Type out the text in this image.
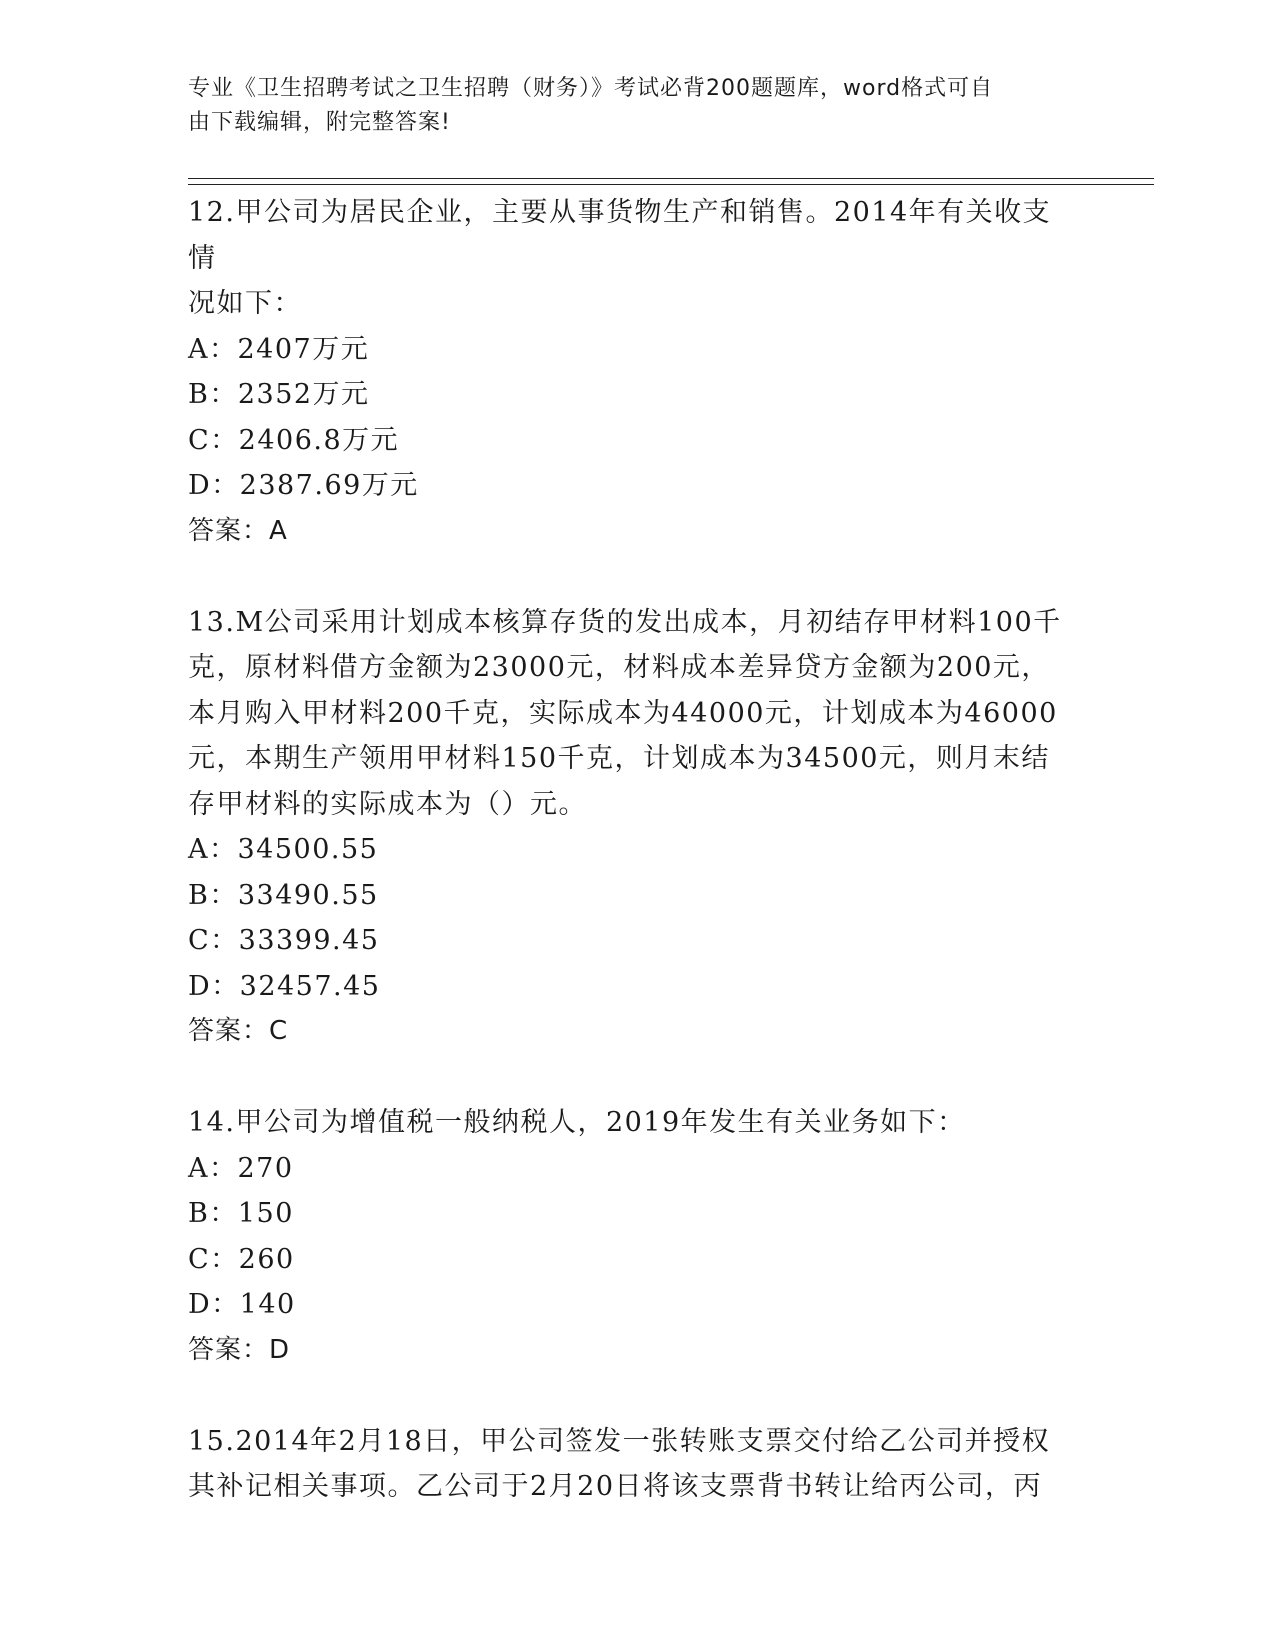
专业《卫生招聘考试之卫生招聘（财务）》考试必背200题题库，word格式可自
由下载编辑，附完整答案!

12.甲公司为居民企业，主要从事货物生产和销售。2014年有关收支情

况如下：

A：2407万元

B：2352万元

C：2406.8万元

D：2387.69万元

答案：A

13.M公司采用计划成本核算存货的发出成本，月初结存甲材料100千

克，原材料借方金额为23000元，材料成本差异贷方金额为200元，

本月购入甲材料200千克，实际成本为44000元，计划成本为46000

元，本期生产领用甲材料150千克，计划成本为34500元，则月末结

存甲材料的实际成本为（）元。

A：34500.55

B：33490.55

C：33399.45

D：32457.45

答案：C

14.甲公司为增值税一般纳税人，2019年发生有关业务如下：

A：270

B：150

C：260

D：140

答案：D

15.2014年2月18日，甲公司签发一张转账支票交付给乙公司并授权

其补记相关事项。乙公司于2月20日将该支票背书转让给丙公司，丙
